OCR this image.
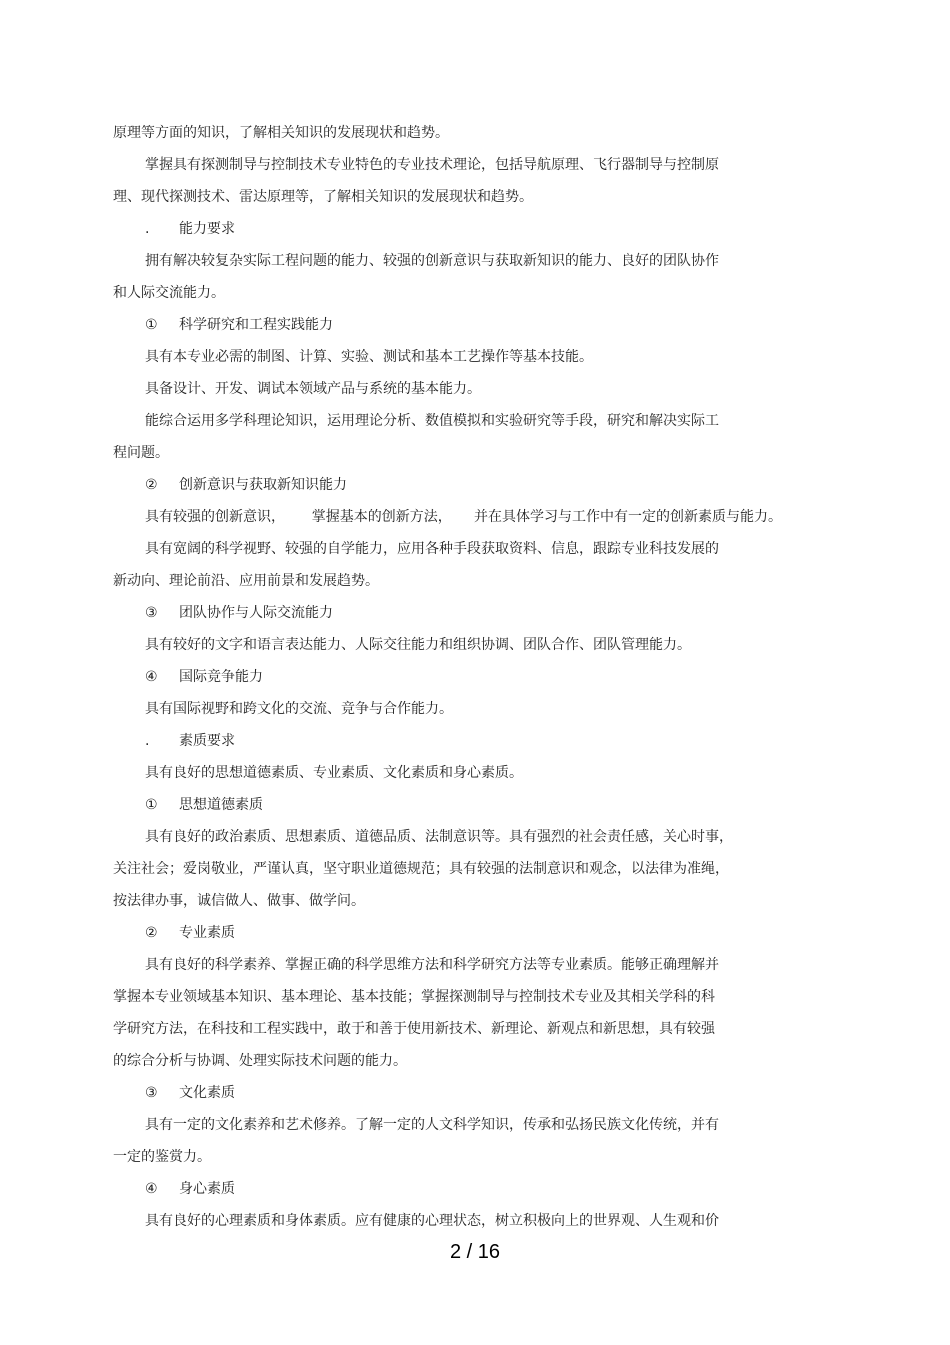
原理等方面的知识，了解相关知识的发展现状和趋势。
掌握具有探测制导与控制技术专业特色的专业技术理论，包括导航原理、飞行器制导与控制原
理、现代探测技术、雷达原理等，了解相关知识的发展现状和趋势。
. 能力要求
拥有解决较复杂实际工程问题的能力、较强的创新意识与获取新知识的能力、良好的团队协作
和人际交流能力。
① 科学研究和工程实践能力
具有本专业必需的制图、计算、实验、测试和基本工艺操作等基本技能。
具备设计、开发、调试本领域产品与系统的基本能力。
能综合运用多学科理论知识，运用理论分析、数值模拟和实验研究等手段，研究和解决实际工
程问题。
② 创新意识与获取新知识能力
具有较强的创新意识，      掌握基本的创新方法，     并在具体学习与工作中有一定的创新素质与能力。
具有宽阔的科学视野、较强的自学能力，应用各种手段获取资料、信息，跟踪专业科技发展的
新动向、理论前沿、应用前景和发展趋势。
③ 团队协作与人际交流能力
具有较好的文字和语言表达能力、人际交往能力和组织协调、团队合作、团队管理能力。
④ 国际竞争能力
具有国际视野和跨文化的交流、竞争与合作能力。
. 素质要求
具有良好的思想道德素质、专业素质、文化素质和身心素质。
① 思想道德素质
具有良好的政治素质、思想素质、道德品质、法制意识等。具有强烈的社会责任感，关心时事，
关注社会；爱岗敬业，严谨认真，坚守职业道德规范；具有较强的法制意识和观念，以法律为准绳，
按法律办事，诚信做人、做事、做学问。
② 专业素质
具有良好的科学素养、掌握正确的科学思维方法和科学研究方法等专业素质。能够正确理解并
掌握本专业领域基本知识、基本理论、基本技能；掌握探测制导与控制技术专业及其相关学科的科
学研究方法，在科技和工程实践中，敢于和善于使用新技术、新理论、新观点和新思想，具有较强
的综合分析与协调、处理实际技术问题的能力。
③ 文化素质
具有一定的文化素养和艺术修养。了解一定的人文科学知识，传承和弘扬民族文化传统，并有
一定的鉴赏力。
④ 身心素质
具有良好的心理素质和身体素质。应有健康的心理状态，树立积极向上的世界观、人生观和价
2 / 16
